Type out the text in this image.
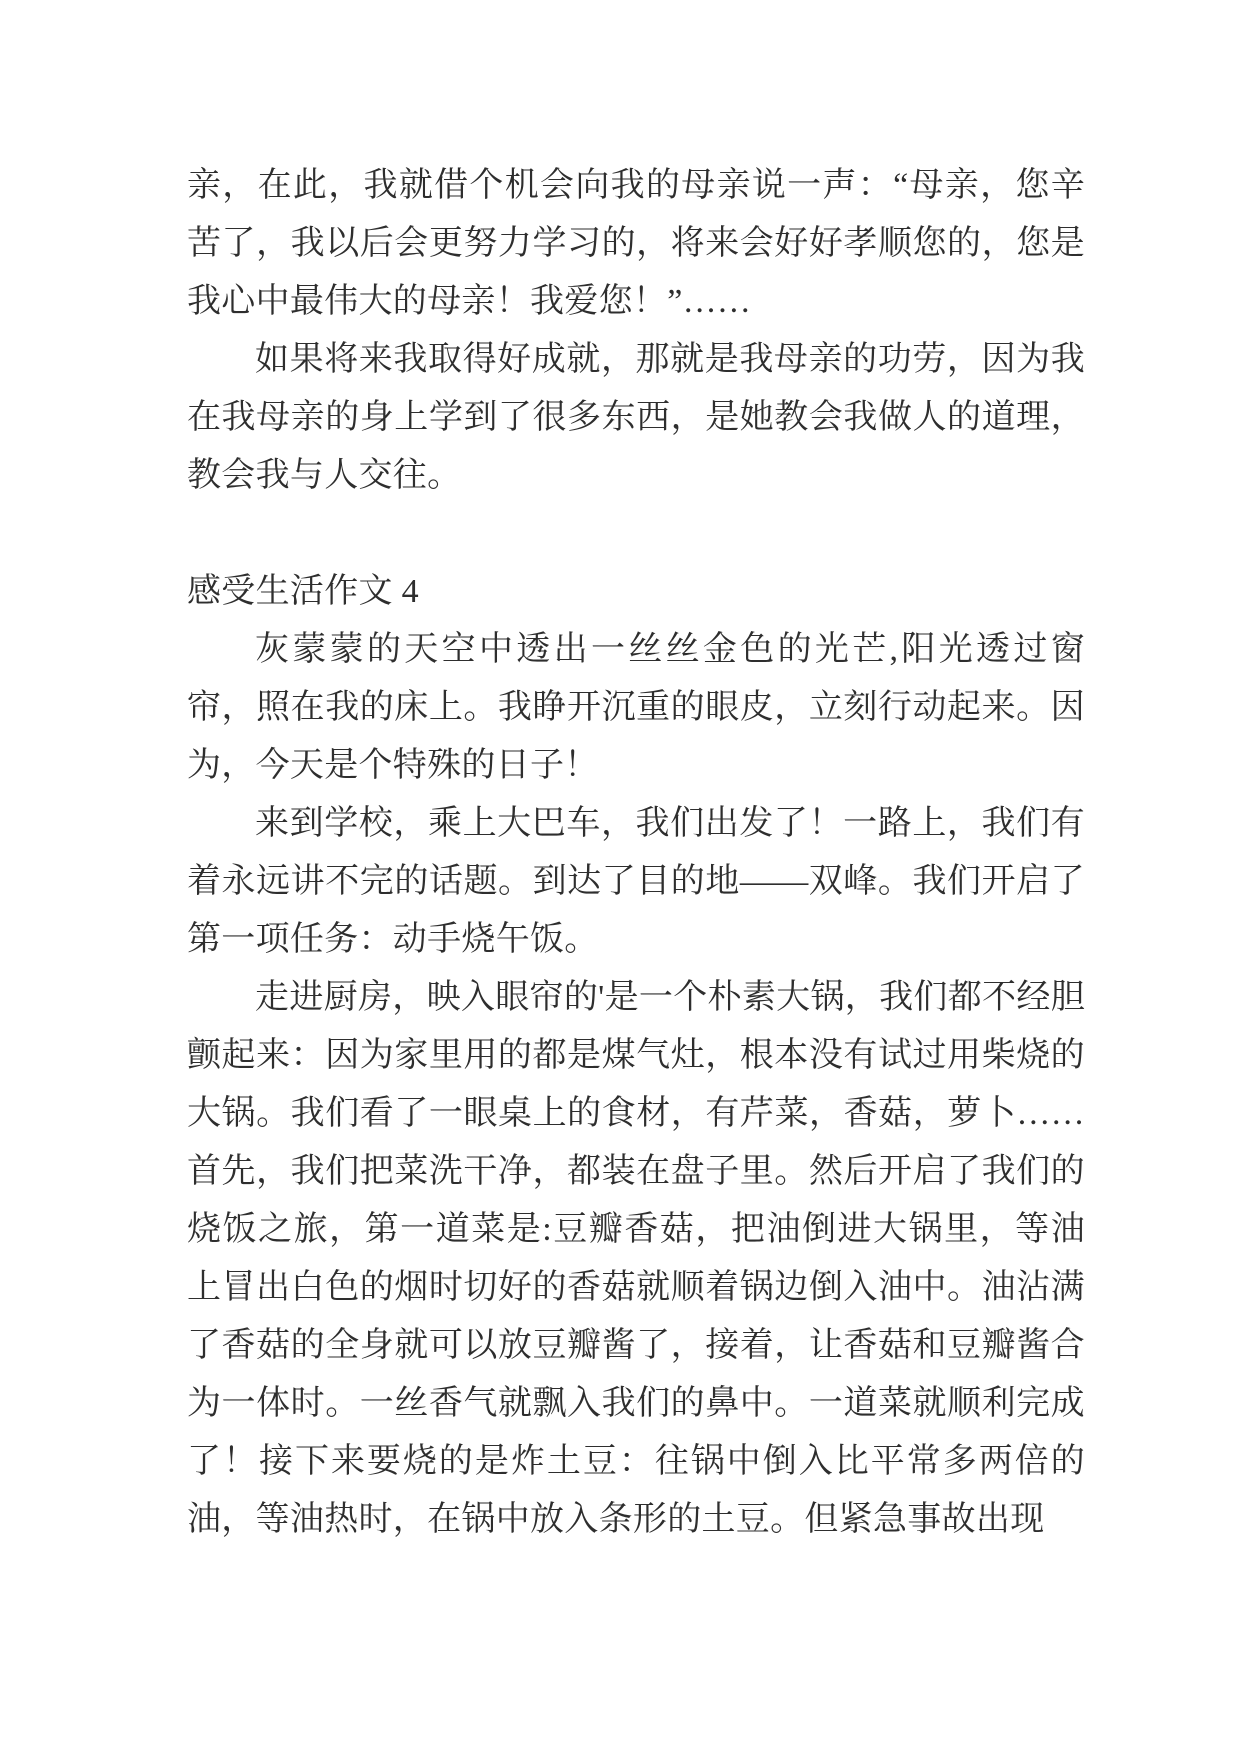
亲，在此，我就借个机会向我的母亲说一声：“母亲，您辛苦了，我以后会更努力学习的，将来会好好孝顺您的，您是我心中最伟大的母亲！我爱您！”……

如果将来我取得好成就，那就是我母亲的功劳，因为我在我母亲的身上学到了很多东西，是她教会我做人的道理，教会我与人交往。

感受生活作文 4

灰蒙蒙的天空中透出一丝丝金色的光芒,阳光透过窗帘，照在我的床上。我睁开沉重的眼皮，立刻行动起来。因为，今天是个特殊的日子！

来到学校，乘上大巴车，我们出发了！一路上，我们有着永远讲不完的话题。到达了目的地——双峰。我们开启了第一项任务：动手烧午饭。

走进厨房，映入眼帘的'是一个朴素大锅，我们都不经胆颤起来：因为家里用的都是煤气灶，根本没有试过用柴烧的大锅。我们看了一眼桌上的食材，有芹菜，香菇，萝卜……首先，我们把菜洗干净，都装在盘子里。然后开启了我们的烧饭之旅，第一道菜是:豆瓣香菇，把油倒进大锅里，等油上冒出白色的烟时切好的香菇就顺着锅边倒入油中。油沾满了香菇的全身就可以放豆瓣酱了，接着，让香菇和豆瓣酱合为一体时。一丝香气就飘入我们的鼻中。一道菜就顺利完成了！接下来要烧的是炸土豆：往锅中倒入比平常多两倍的油，等油热时，在锅中放入条形的土豆。但紧急事故出现
